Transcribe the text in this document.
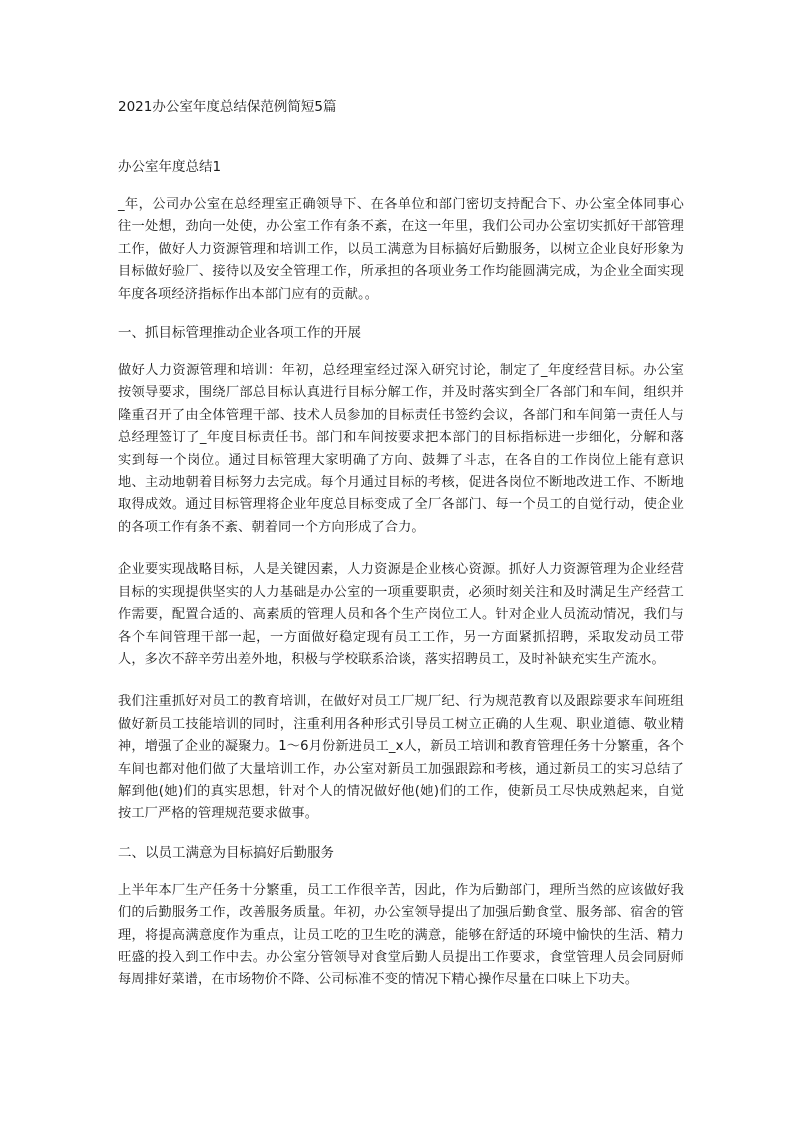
2021办公室年度总结保范例简短5篇
办公室年度总结1

_年，公司办公室在总经理室正确领导下、在各单位和部门密切支持配合下、办公室全体同事心往一处想，劲向一处使，办公室工作有条不紊，在这一年里，我们公司办公室切实抓好干部管理工作，做好人力资源管理和培训工作，以员工满意为目标搞好后勤服务，以树立企业良好形象为目标做好验厂、接待以及安全管理工作，所承担的各项业务工作均能圆满完成，为企业全面实现年度各项经济指标作出本部门应有的贡献。。

一、抓目标管理推动企业各项工作的开展

做好人力资源管理和培训：年初，总经理室经过深入研究讨论，制定了_年度经营目标。办公室按领导要求，围绕厂部总目标认真进行目标分解工作，并及时落实到全厂各部门和车间，组织并隆重召开了由全体管理干部、技术人员参加的目标责任书签约会议，各部门和车间第一责任人与总经理签订了_年度目标责任书。部门和车间按要求把本部门的目标指标进一步细化，分解和落实到每一个岗位。通过目标管理大家明确了方向、鼓舞了斗志，在各自的工作岗位上能有意识地、主动地朝着目标努力去完成。每个月通过目标的考核，促进各岗位不断地改进工作、不断地取得成效。通过目标管理将企业年度总目标变成了全厂各部门、每一个员工的自觉行动，使企业的各项工作有条不紊、朝着同一个方向形成了合力。

企业要实现战略目标，人是关键因素，人力资源是企业核心资源。抓好人力资源管理为企业经营目标的实现提供坚实的人力基础是办公室的一项重要职责，必须时刻关注和及时满足生产经营工作需要，配置合适的、高素质的管理人员和各个生产岗位工人。针对企业人员流动情况，我们与各个车间管理干部一起，一方面做好稳定现有员工工作，另一方面紧抓招聘，采取发动员工带人，多次不辞辛劳出差外地，积极与学校联系洽谈，落实招聘员工，及时补缺充实生产流水。

我们注重抓好对员工的教育培训，在做好对员工厂规厂纪、行为规范教育以及跟踪要求车间班组做好新员工技能培训的同时，注重利用各种形式引导员工树立正确的人生观、职业道德、敬业精神，增强了企业的凝聚力。1～6月份新进员工_x人，新员工培训和教育管理任务十分繁重，各个车间也都对他们做了大量培训工作，办公室对新员工加强跟踪和考核，通过新员工的实习总结了解到他(她)们的真实思想，针对个人的情况做好他(她)们的工作，使新员工尽快成熟起来，自觉按工厂严格的管理规范要求做事。

二、以员工满意为目标搞好后勤服务

上半年本厂生产任务十分繁重，员工工作很辛苦，因此，作为后勤部门，理所当然的应该做好我们的后勤服务工作，改善服务质量。年初，办公室领导提出了加强后勤食堂、服务部、宿舍的管理，将提高满意度作为重点，让员工吃的卫生吃的满意，能够在舒适的环境中愉快的生活、精力旺盛的投入到工作中去。办公室分管领导对食堂后勤人员提出工作要求，食堂管理人员会同厨师每周排好菜谱，在市场物价不降、公司标准不变的情况下精心操作尽量在口味上下功夫。
